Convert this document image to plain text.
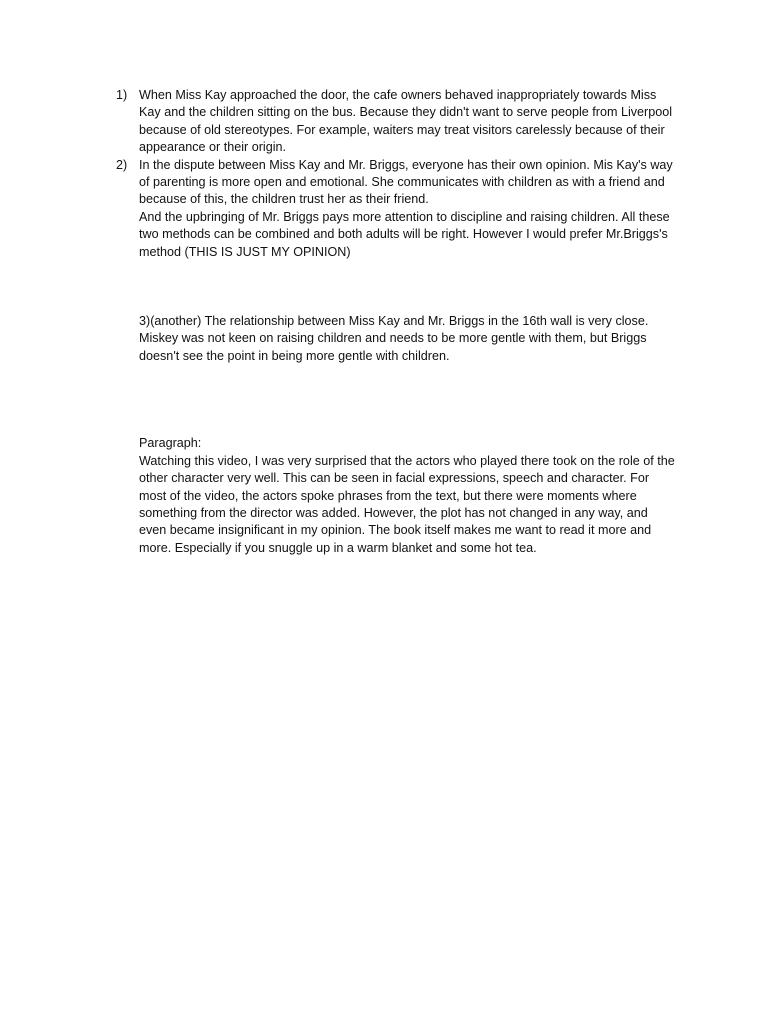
1) When Miss Kay approached the door, the cafe owners behaved inappropriately towards Miss Kay and the children sitting on the bus. Because they didn't want to serve people from Liverpool because of old stereotypes. For example, waiters may treat visitors carelessly because of their appearance or their origin.

2) In the dispute between Miss Kay and Mr. Briggs, everyone has their own opinion. Mis Kay's way of parenting is more open and emotional. She communicates with children as with a friend and because of this, the children trust her as their friend.

And the upbringing of Mr. Briggs pays more attention to discipline and raising children. All these two methods can be combined and both adults will be right. However I would prefer Mr.Briggs's method (THIS IS JUST MY OPINION)

3)(another) The relationship between Miss Kay and Mr. Briggs in the 16th wall is very close. Miskey was not keen on raising children and needs to be more gentle with them, but Briggs doesn't see the point in being more gentle with children.

Paragraph:

Watching this video, I was very surprised that the actors who played there took on the role of the other character very well. This can be seen in facial expressions, speech and character. For most of the video, the actors spoke phrases from the text, but there were moments where something from the director was added. However, the plot has not changed in any way, and even became insignificant in my opinion. The book itself makes me want to read it more and more. Especially if you snuggle up in a warm blanket and some hot tea.
